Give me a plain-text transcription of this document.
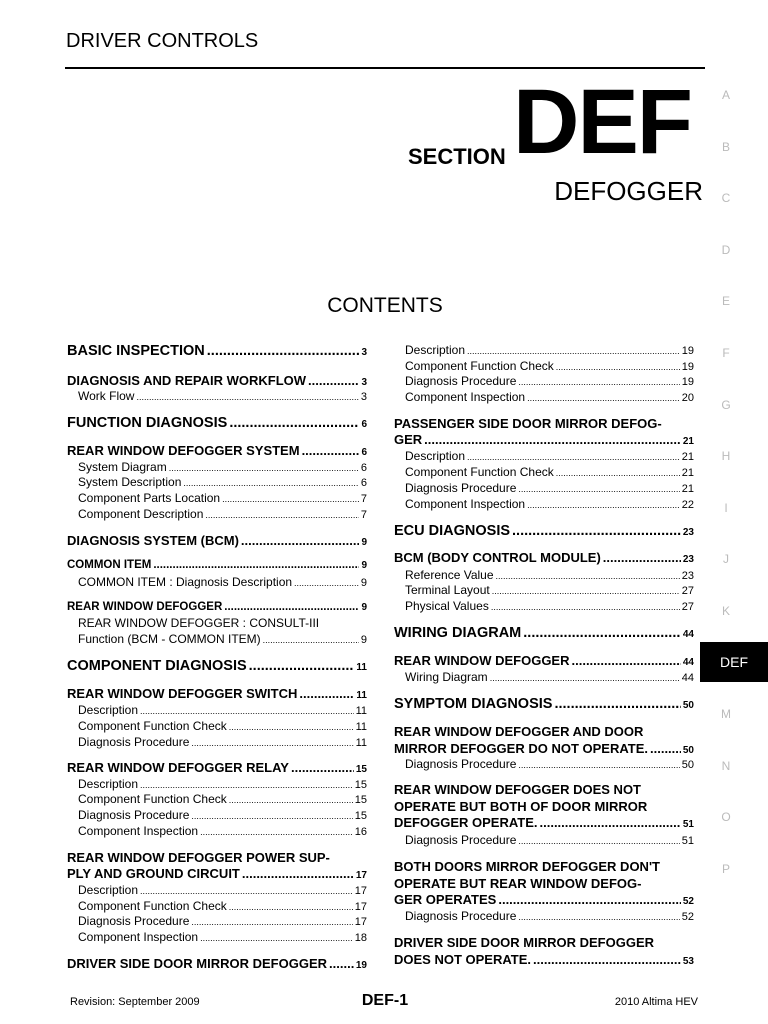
DRIVER CONTROLS
SECTION DEF
DEFOGGER
CONTENTS
BASIC INSPECTION .....	3
DIAGNOSIS AND REPAIR WORKFLOW .....	3
Work Flow .....	3
FUNCTION DIAGNOSIS .....	6
REAR WINDOW DEFOGGER SYSTEM .....	6
System Diagram .....	6
System Description .....	6
Component Parts Location .....	7
Component Description .....	7
DIAGNOSIS SYSTEM (BCM) .....	9
COMMON ITEM .....	9
COMMON ITEM : Diagnosis Description .....	9
REAR WINDOW DEFOGGER .....	9
REAR WINDOW DEFOGGER : CONSULT-III
Function (BCM - COMMON ITEM) .....	9
COMPONENT DIAGNOSIS .....	11
REAR WINDOW DEFOGGER SWITCH .....	11
Description .....	11
Component Function Check .....	11
Diagnosis Procedure .....	11
REAR WINDOW DEFOGGER RELAY .....	15
Description .....	15
Component Function Check .....	15
Diagnosis Procedure .....	15
Component Inspection .....	16
REAR WINDOW DEFOGGER POWER SUP-
PLY AND GROUND CIRCUIT .....	17
Description .....	17
Component Function Check .....	17
Diagnosis Procedure .....	17
Component Inspection .....	18
DRIVER SIDE DOOR MIRROR DEFOGGER .....	19
Description .....	19
Component Function Check .....	19
Diagnosis Procedure .....	19
Component Inspection .....	20
PASSENGER SIDE DOOR MIRROR DEFOG-
GER .....	21
Description .....	21
Component Function Check .....	21
Diagnosis Procedure .....	21
Component Inspection .....	22
ECU DIAGNOSIS .....	23
BCM (BODY CONTROL MODULE) .....	23
Reference Value .....	23
Terminal Layout .....	27
Physical Values .....	27
WIRING DIAGRAM .....	44
REAR WINDOW DEFOGGER .....	44
Wiring Diagram .....	44
SYMPTOM DIAGNOSIS .....	50
REAR WINDOW DEFOGGER AND DOOR
MIRROR DEFOGGER DO NOT OPERATE. .....	50
Diagnosis Procedure .....	50
REAR WINDOW DEFOGGER DOES NOT
OPERATE BUT BOTH OF DOOR MIRROR
DEFOGGER OPERATE. .....	51
Diagnosis Procedure .....	51
BOTH DOORS MIRROR DEFOGGER DON'T
OPERATE BUT REAR WINDOW DEFOG-
GER OPERATES .....	52
Diagnosis Procedure .....	52
DRIVER SIDE DOOR MIRROR DEFOGGER
DOES NOT OPERATE. .....	53
A
B
C
D
E
F
G
H
I
J
K
DEF
M
N
O
P
Revision: September 2009	DEF-1	2010 Altima HEV
